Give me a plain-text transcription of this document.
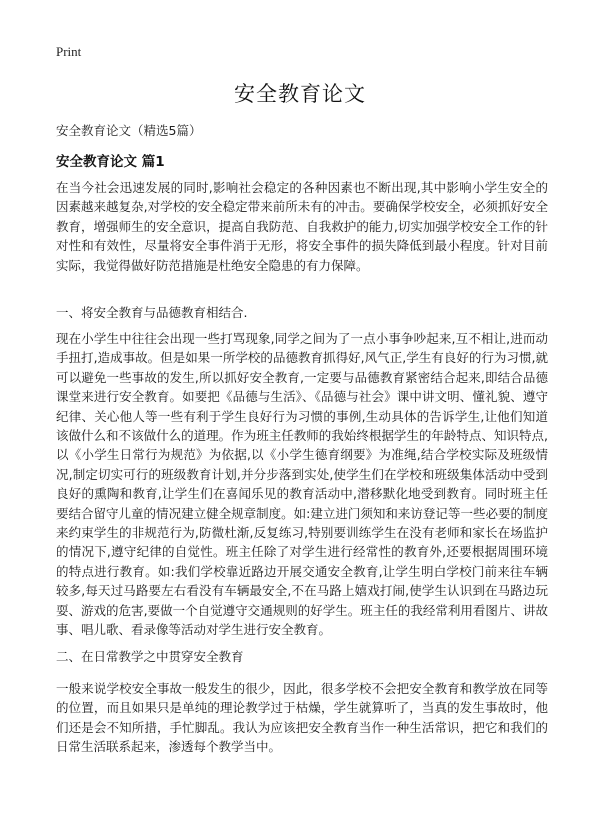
Print
安全教育论文

安全教育论文（精选5篇）

安全教育论文 篇1

在当今社会迅速发展的同时,影响社会稳定的各种因素也不断出现,其中影响小学生安全的因素越来越复杂,对学校的安全稳定带来前所未有的冲击。要确保学校安全，必须抓好安全教育，增强师生的安全意识，提高自我防范、自我救护的能力,切实加强学校安全工作的针对性和有效性，尽量将安全事件消于无形，将安全事件的损失降低到最小程度。针对目前实际，我觉得做好防范措施是杜绝安全隐患的有力保障。

一、将安全教育与品德教育相结合.

现在小学生中往往会出现一些打骂现象,同学之间为了一点小事争吵起来,互不相让,进而动手扭打,造成事故。但是如果一所学校的品德教育抓得好,风气正,学生有良好的行为习惯,就可以避免一些事故的发生,所以抓好安全教育,一定要与品德教育紧密结合起来,即结合品德课堂来进行安全教育。如要把《品德与生活》、《品德与社会》课中讲文明、懂礼貌、遵守纪律、关心他人等一些有利于学生良好行为习惯的事例,生动具体的告诉学生,让他们知道该做什么和不该做什么的道理。作为班主任教师的我始终根据学生的年龄特点、知识特点,以《小学生日常行为规范》为依据,以《小学生德育纲要》为准绳,结合学校实际及班级情况,制定切实可行的班级教育计划,并分步落到实处,使学生们在学校和班级集体活动中受到良好的熏陶和教育,让学生们在喜闻乐见的教育活动中,潜移默化地受到教育。同时班主任要结合留守儿童的情况建立健全规章制度。如:建立进门须知和来访登记等一些必要的制度来约束学生的非规范行为,防微杜渐,反复练习,特别要训练学生在没有老师和家长在场监护的情况下,遵守纪律的自觉性。班主任除了对学生进行经常性的教育外,还要根据周围环境的特点进行教育。如:我们学校靠近路边开展交通安全教育,让学生明白学校门前来往车辆较多,每天过马路要左右看没有车辆最安全,不在马路上嬉戏打闹,使学生认识到在马路边玩耍、游戏的危害,要做一个自觉遵守交通规则的好学生。班主任的我经常利用看图片、讲故事、唱儿歌、看录像等活动对学生进行安全教育。

二、在日常教学之中贯穿安全教育

一般来说学校安全事故一般发生的很少，因此，很多学校不会把安全教育和教学放在同等的位置，而且如果只是单纯的理论教学过于枯燥，学生就算听了，当真的发生事故时，他们还是会不知所措，手忙脚乱。我认为应该把安全教育当作一种生活常识，把它和我们的日常生活联系起来，渗透每个教学当中。
